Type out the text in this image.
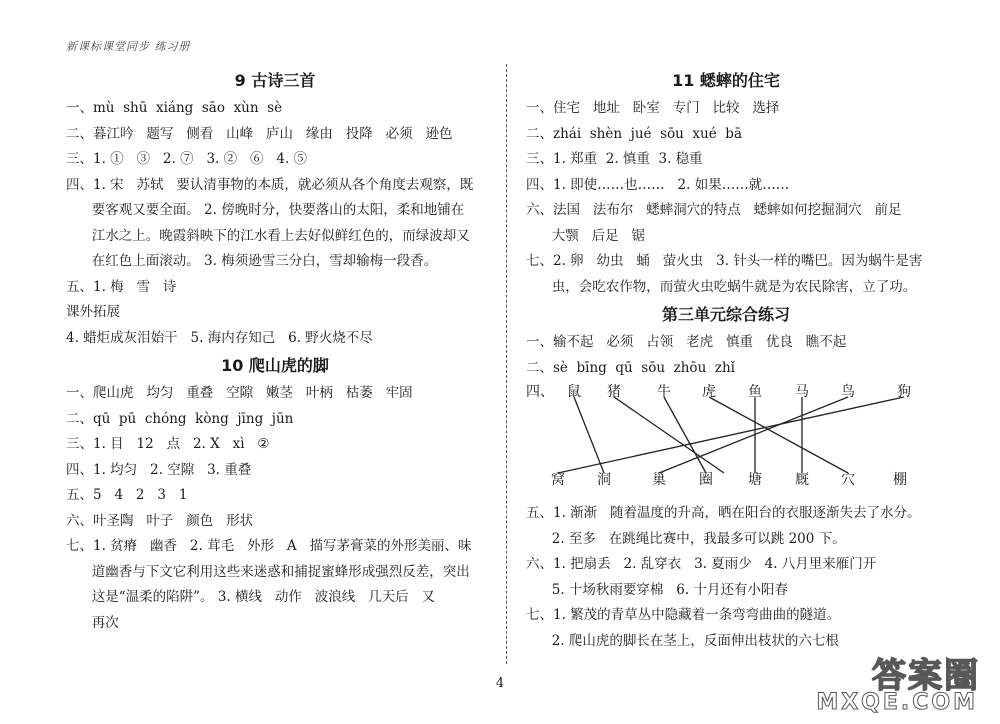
新课标课堂同步 练习册
9 古诗三首
一、mù  shū  xiáng  sāo  xùn  sè
二、暮江吟   题写   侧看   山峰   庐山   缘由   投降   必须   逊色
三、1. ①   ③   2. ⑦   3. ②   ⑥   4. ⑤
四、1. 宋   苏轼   要认清事物的本质，就必须从各个角度去观察，既
要客观又要全面。 2. 傍晚时分，快要落山的太阳，柔和地铺在
江水之上。晚霞斜映下的江水看上去好似鲜红色的，而绿波却又
在红色上面滚动。 3. 梅须逊雪三分白，雪却输梅一段香。
五、1. 梅   雪   诗
课外拓展
4. 蜡炬成灰泪始干   5. 海内存知己   6. 野火烧不尽
10 爬山虎的脚
一、爬山虎   均匀   重叠   空隙   嫩茎   叶柄   枯萎   牢固
二、qū  pū  chóng  kòng  jīng  jūn
三、1. 目   12   点   2. X   xì   ②
四、1. 均匀   2. 空隙   3. 重叠
五、5   4   2   3   1
六、叶圣陶   叶子   颜色   形状
七、1. 贫瘠   幽香   2. 茸毛   外形   A   描写茅膏菜的外形美丽、味
道幽香与下文它利用这些来迷惑和捕捉蜜蜂形成强烈反差，突出
这是“温柔的陷阱”。 3. 横线   动作   波浪线   几天后   又
再次
11 蟋蟀的住宅
一、住宅   地址   卧室   专门   比较   选择
二、zhái  shèn  jué  sōu  xué  bā
三、1. 郑重  2. 慎重  3. 稳重
四、1. 即使……也……   2. 如果……就……
六、法国   法布尔   蟋蟀洞穴的特点   蟋蟀如何挖掘洞穴   前足
大颚   后足   锯
七、2. 卵   幼虫   蛹   萤火虫   3. 针头一样的嘴巴。因为蜗牛是害
虫，会吃农作物，而萤火虫吃蜗牛就是为农民除害，立了功。
第三单元综合练习
一、输不起   必须   占领   老虎   慎重   优良   瞧不起
二、sè  bīng  qū  sōu  zhōu  zhǐ
四、 鼠 猪	牛 虎 鱼 马 鸟	狗
窝 洞	巢 圈	塘 厩 穴	棚
五、1. 渐渐   随着温度的升高，晒在阳台的衣服逐渐失去了水分。
2. 至多   在跳绳比赛中，我最多可以跳 200 下。
六、1. 把扇丢   2. 乱穿衣   3. 夏雨少   4. 八月里来雁门开
5. 十场秋雨要穿棉   6. 十月还有小阳春
七、1. 繁茂的青草丛中隐藏着一条弯弯曲曲的隧道。
2. 爬山虎的脚长在茎上，反面伸出枝状的六七根
4	答案圈
MXQE.COM
